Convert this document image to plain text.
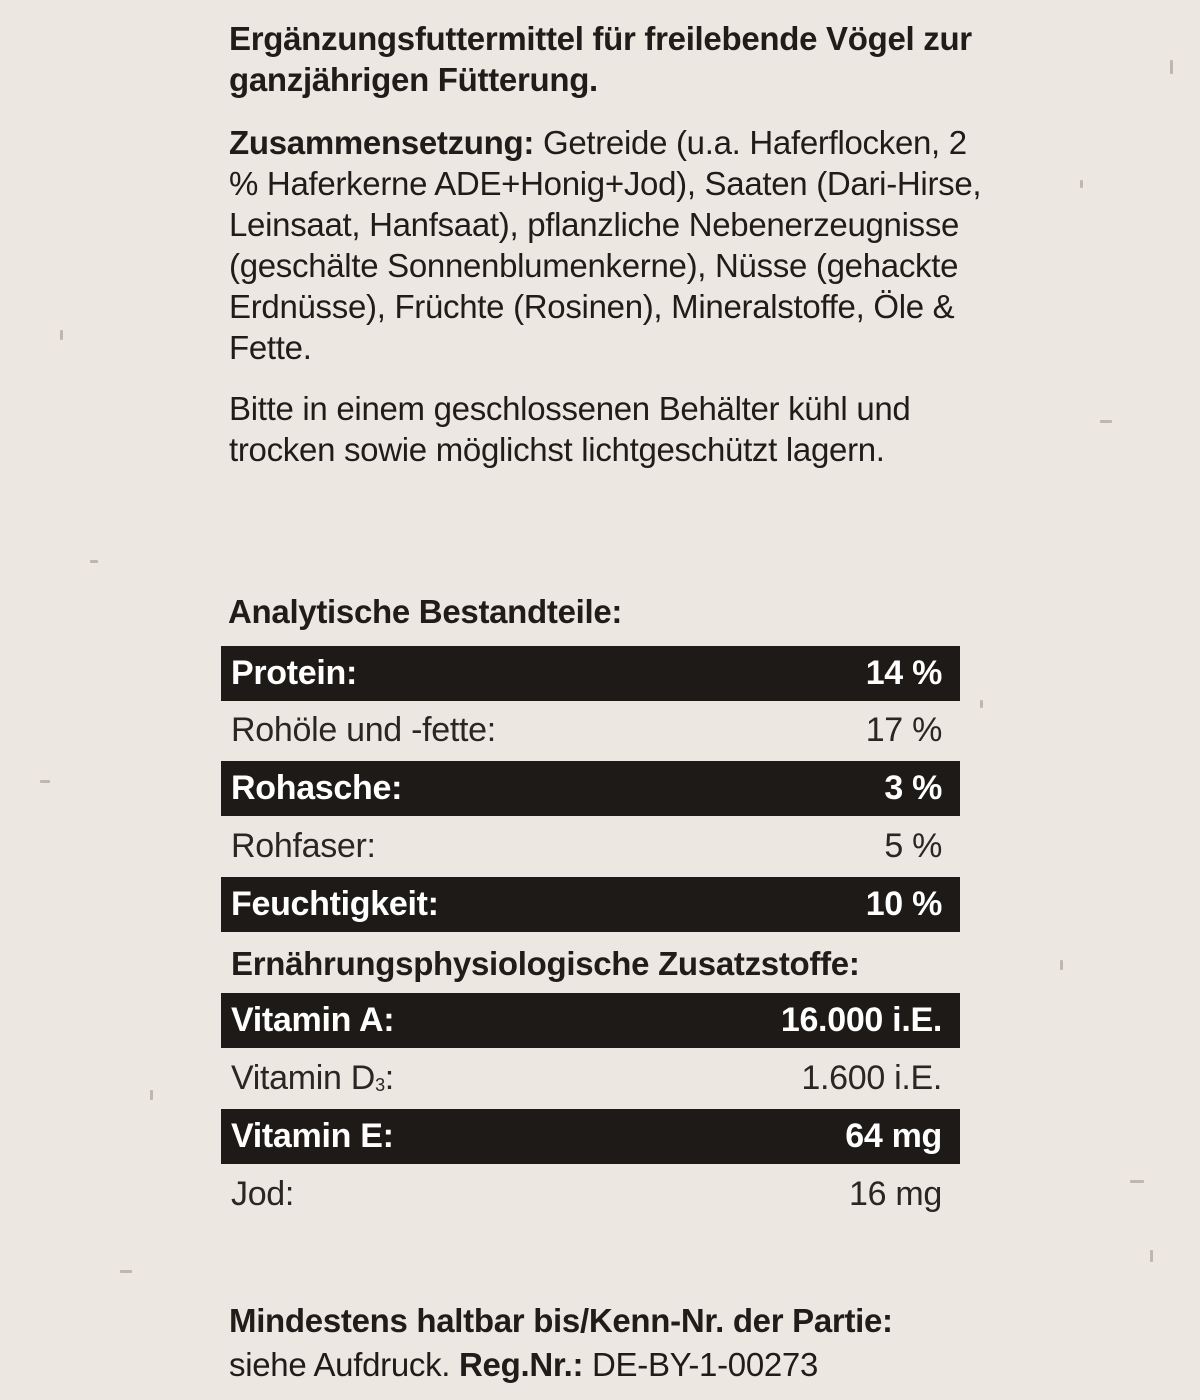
Ergänzungsfuttermittel für freilebende Vögel zur ganzjährigen Fütterung.
Zusammensetzung: Getreide (u.a. Haferflocken, 2 % Haferkerne ADE+Honig+Jod), Saaten (Dari-Hirse, Leinsaat, Hanfsaat), pflanzliche Nebenerzeugnisse (geschälte Sonnenblumenkerne), Nüsse (gehackte Erdnüsse), Früchte (Rosinen), Mineralstoffe, Öle & Fette.
Bitte in einem geschlossenen Behälter kühl und trocken sowie möglichst lichtgeschützt lagern.
Analytische Bestandteile:
Protein:	14 %
Rohöle und -fette:	17 %
Rohasche:	3 %
Rohfaser:	5 %
Feuchtigkeit:	10 %
Ernährungsphysiologische Zusatzstoffe:
Vitamin A:	16.000 i.E.
Vitamin $D_3$:	1.600 i.E.
Vitamin E:	64 mg
Jod:	16 mg
Mindestens haltbar bis/Kenn-Nr. der Partie:
siehe Aufdruck. Reg.Nr.: DE-BY-1-00273
